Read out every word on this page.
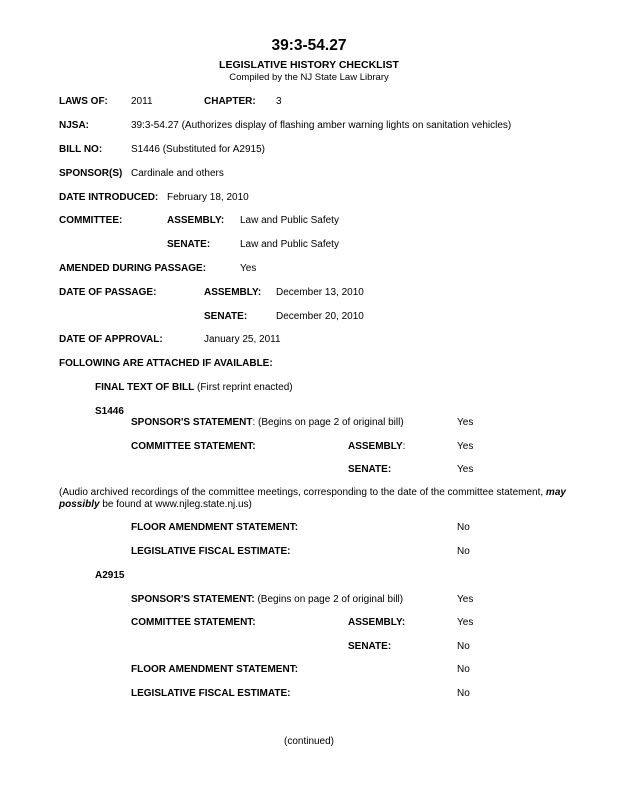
39:3-54.27
LEGISLATIVE HISTORY CHECKLIST
Compiled by the NJ State Law Library
LAWS OF: 2011	CHAPTER: 3
NJSA:	39:3-54.27 (Authorizes display of flashing amber warning lights on sanitation vehicles)
BILL NO:	S1446 (Substituted for A2915)
SPONSOR(S) Cardinale and others
DATE INTRODUCED: February 18, 2010
COMMITTEE:	ASSEMBLY: Law and Public Safety
SENATE:	Law and Public Safety
AMENDED DURING PASSAGE:	Yes
DATE OF PASSAGE:	ASSEMBLY: December 13, 2010
SENATE:	December 20, 2010
DATE OF APPROVAL:	January 25, 2011
FOLLOWING ARE ATTACHED IF AVAILABLE:
FINAL TEXT OF BILL (First reprint enacted)
S1446
SPONSOR'S STATEMENT: (Begins on page 2 of original bill)	Yes
COMMITTEE STATEMENT:	ASSEMBLY:	Yes
SENATE:	Yes
(Audio archived recordings of the committee meetings, corresponding to the date of the committee statement, may possibly be found at www.njleg.state.nj.us)
FLOOR AMENDMENT STATEMENT:	No
LEGISLATIVE FISCAL ESTIMATE:	No
A2915
SPONSOR'S STATEMENT: (Begins on page 2 of original bill)	Yes
COMMITTEE STATEMENT:	ASSEMBLY:	Yes
SENATE:	No
FLOOR AMENDMENT STATEMENT:	No
LEGISLATIVE FISCAL ESTIMATE:	No
(continued)
